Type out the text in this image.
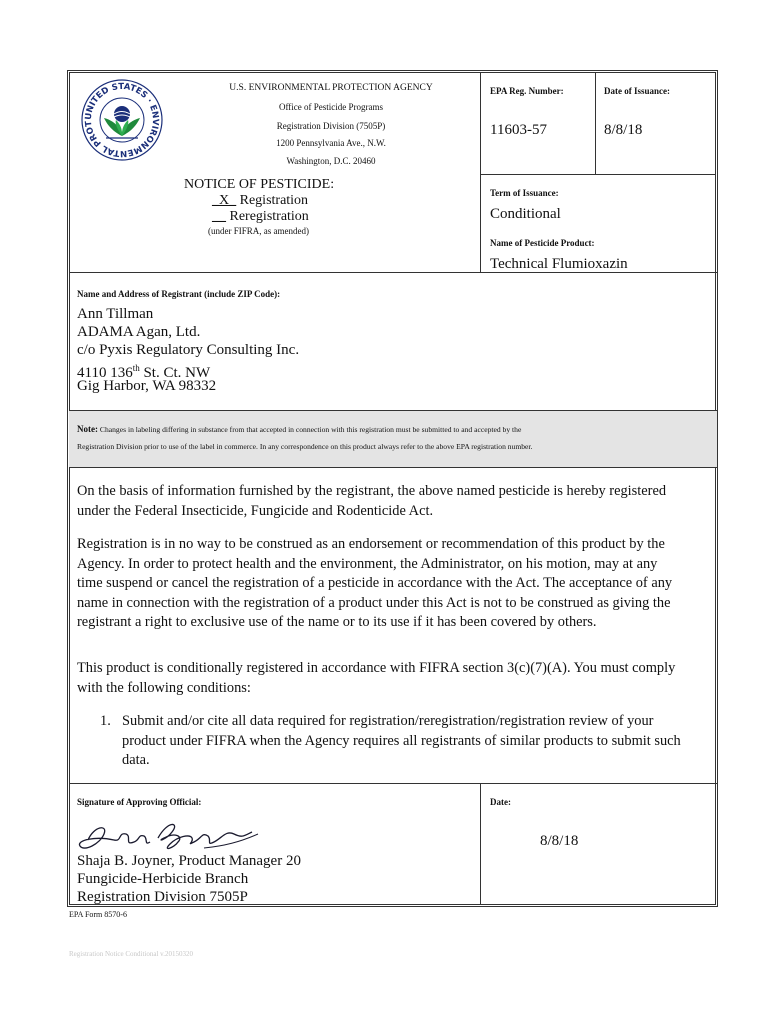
UNITED STATES · ENVIRONMENTAL PROT
U.S. ENVIRONMENTAL PROTECTION AGENCY
Office of Pesticide Programs
Registration Division (7505P)
1200 Pennsylvania Ave., N.W.
Washington, D.C. 20460
NOTICE OF PESTICIDE:
_X_ Registration
__ Reregistration
(under FIFRA, as amended)
EPA Reg. Number:
11603-57
Date of Issuance:
8/8/18
Term of Issuance:
Conditional
Name of Pesticide Product:
Technical Flumioxazin
Name and Address of Registrant (include ZIP Code):
Ann Tillman
ADAMA Agan, Ltd.
c/o Pyxis Regulatory Consulting Inc.
4110 136th St. Ct. NW
Gig Harbor, WA 98332
Note: Changes in labeling differing in substance from that accepted in connection with this registration must be submitted to and accepted by the
Registration Division prior to use of the label in commerce. In any correspondence on this product always refer to the above EPA registration number.
On the basis of information furnished by the registrant, the above named pesticide is hereby registered
under the Federal Insecticide, Fungicide and Rodenticide Act.
Registration is in no way to be construed as an endorsement or recommendation of this product by the
Agency. In order to protect health and the environment, the Administrator, on his motion, may at any
time suspend or cancel the registration of a pesticide in accordance with the Act. The acceptance of any
name in connection with the registration of a product under this Act is not to be construed as giving the
registrant a right to exclusive use of the name or to its use if it has been covered by others.
This product is conditionally registered in accordance with FIFRA section 3(c)(7)(A). You must comply
with the following conditions:
1. Submit and/or cite all data required for registration/reregistration/registration review of your
product under FIFRA when the Agency requires all registrants of similar products to submit such
data.
Signature of Approving Official:
Shaja B. Joyner, Product Manager 20
Fungicide-Herbicide Branch
Registration Division 7505P
Date:
8/8/18
EPA Form 8570-6
Registration Notice Conditional v.20150320
